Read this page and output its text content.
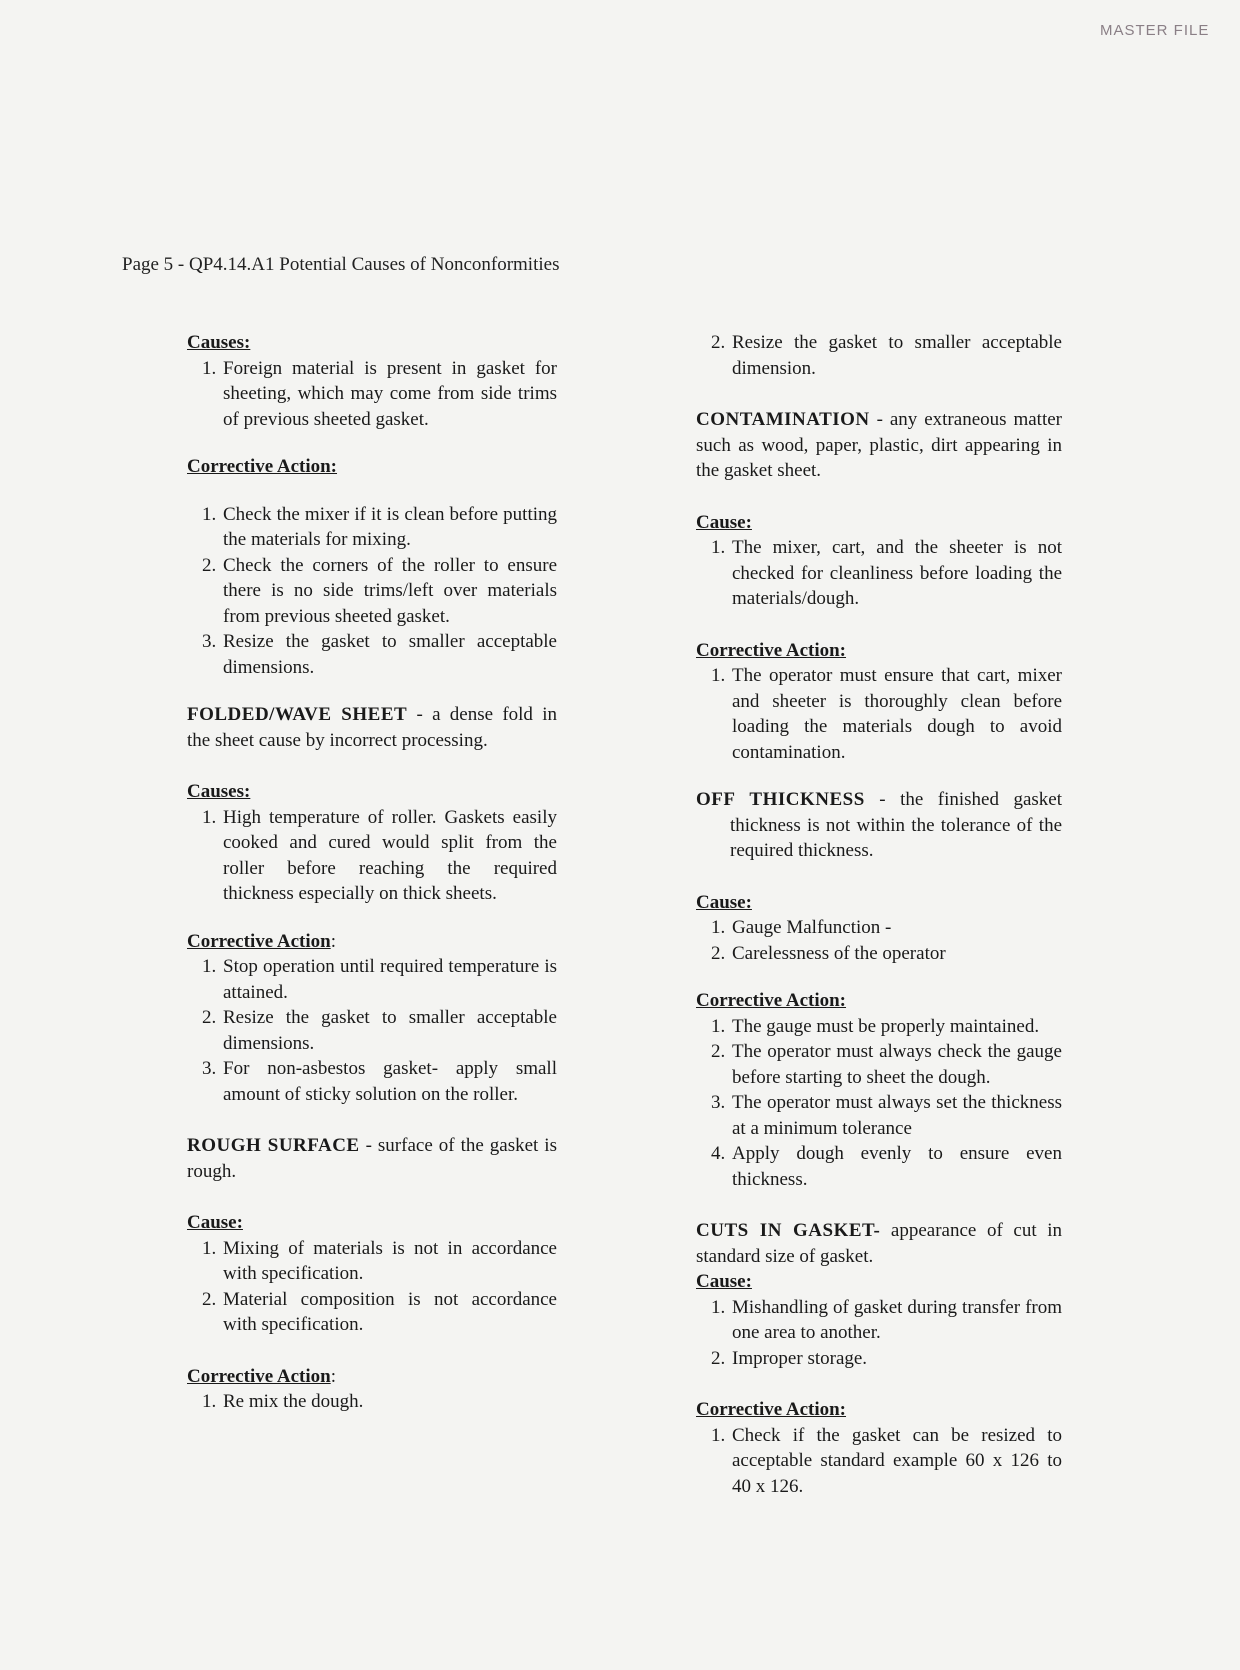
MASTER FILE
Page 5 - QP4.14.A1 Potential Causes of Nonconformities
Causes:
1. Foreign material is present in gasket for sheeting, which may come from side trims of previous sheeted gasket.
Corrective Action:
1. Check the mixer if it is clean before putting the materials for mixing.
2. Check the corners of the roller to ensure there is no side trims/left over materials from previous sheeted gasket.
3. Resize the gasket to smaller acceptable dimensions.

FOLDED/WAVE SHEET - a dense fold in the sheet cause by incorrect processing.

Causes:
1. High temperature of roller. Gaskets easily cooked and cured would split from the roller before reaching the required thickness especially on thick sheets.
Corrective Action:
1. Stop operation until required temperature is attained.
2. Resize the gasket to smaller acceptable dimensions.
3. For non-asbestos gasket- apply small amount of sticky solution on the roller.

ROUGH SURFACE - surface of the gasket is rough.

Cause:
1. Mixing of materials is not in accordance with specification.
2. Material composition is not accordance with specification.
Corrective Action:
1. Re mix the dough.
2. Resize the gasket to smaller acceptable dimension.

CONTAMINATION - any extraneous matter such as wood, paper, plastic, dirt appearing in the gasket sheet.

Cause:
1. The mixer, cart, and the sheeter is not checked for cleanliness before loading the materials/dough.
Corrective Action:
1. The operator must ensure that cart, mixer and sheeter is thoroughly clean before loading the materials dough to avoid contamination.

OFF THICKNESS - the finished gasket thickness is not within the tolerance of the required thickness.

Cause:
1. Gauge Malfunction -
2. Carelessness of the operator
Corrective Action:
1. The gauge must be properly maintained.
2. The operator must always check the gauge before starting to sheet the dough.
3. The operator must always set the thickness at a minimum tolerance
4. Apply dough evenly to ensure even thickness.

CUTS IN GASKET- appearance of cut in standard size of gasket.

Cause:
1. Mishandling of gasket during transfer from one area to another.
2. Improper storage.
Corrective Action:
1. Check if the gasket can be resized to acceptable standard example 60 x 126 to 40 x 126.
